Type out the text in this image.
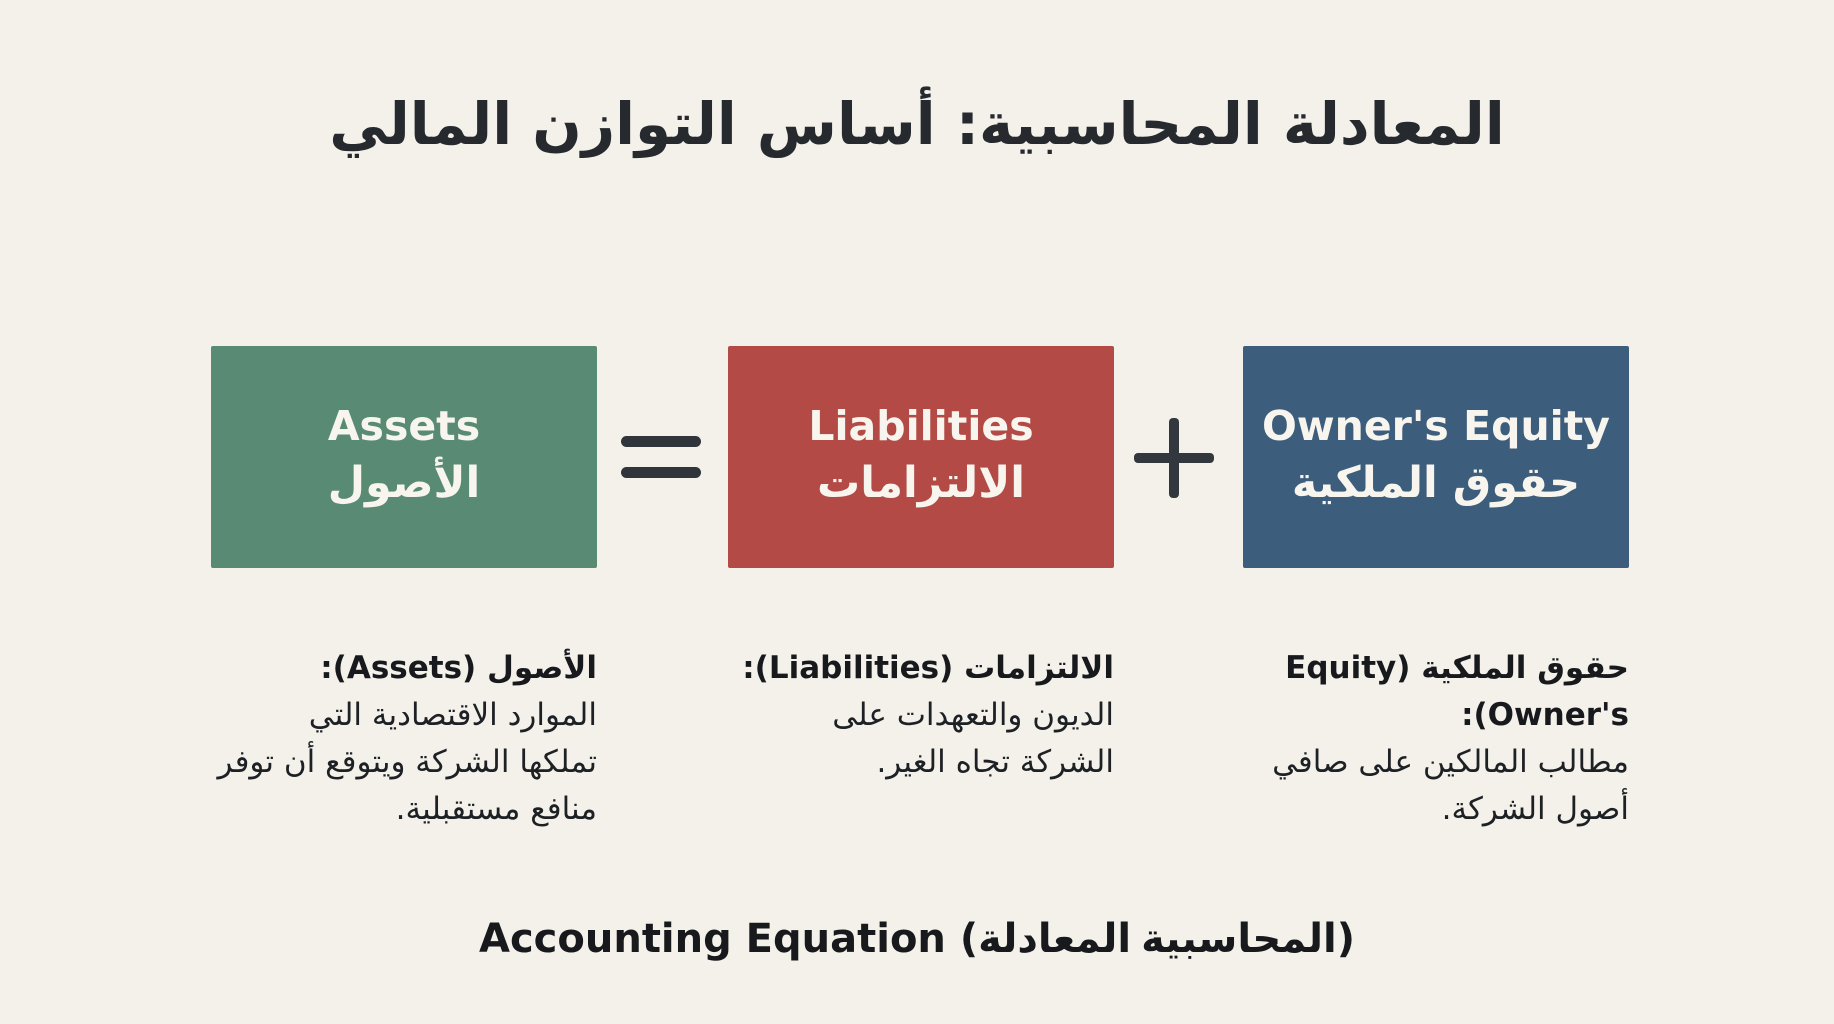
المعادلة المحاسبية: أساس التوازن المالي
Assets
الأصول
Liabilities
الالتزامات
Owner's Equity
حقوق الملكية
الأصول (Assets):
الموارد الاقتصادية التي
تملكها الشركة ويتوقع أن توفر
منافع مستقبلية.
الالتزامات (Liabilities):
الديون والتعهدات على
الشركة تجاه الغير.
حقوق الملكية (Equity
Owner's):
مطالب المالكين على صافي
أصول الشركة.
Accounting Equation (المعادلة المحاسبية)
